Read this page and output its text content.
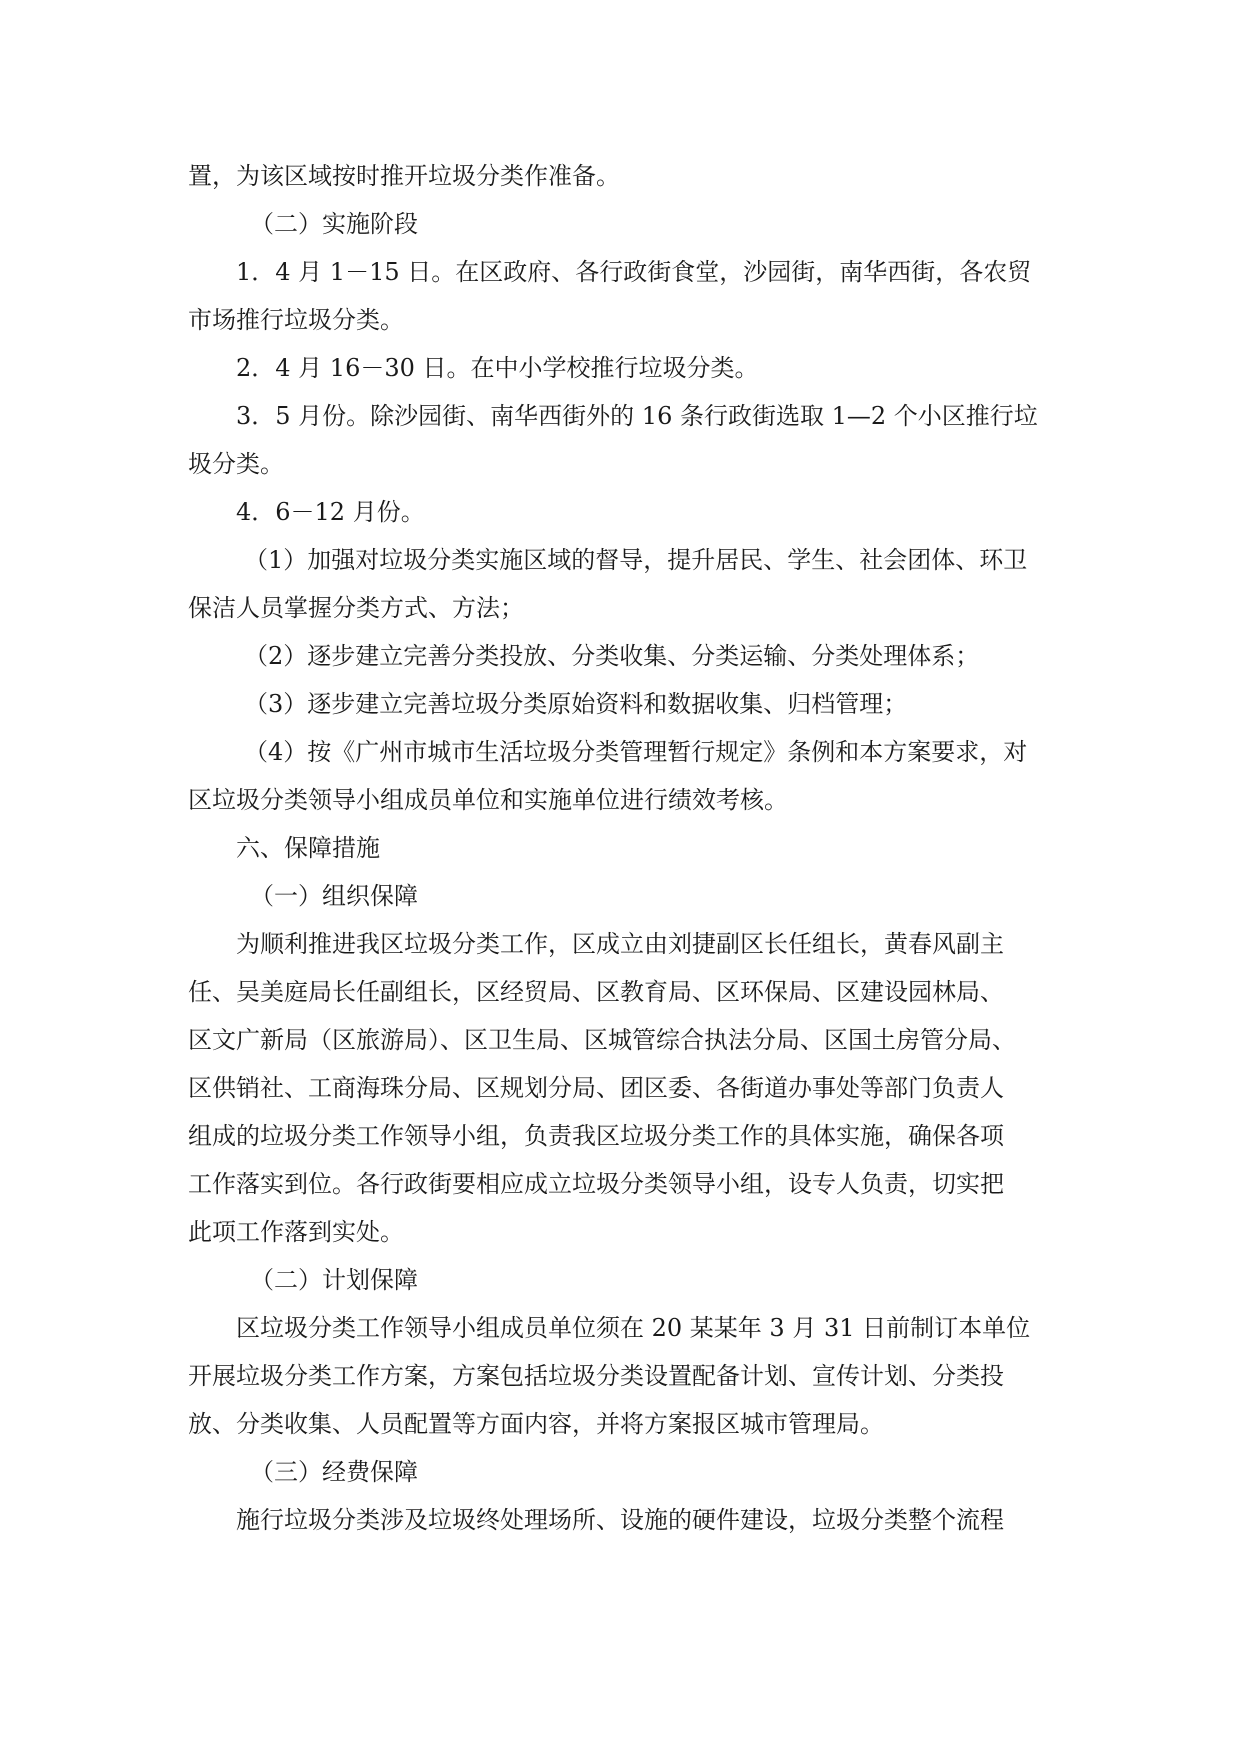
置，为该区域按时推开垃圾分类作准备。

（二）实施阶段

1．4 月 1－15 日。在区政府、各行政街食堂，沙园街，南华西街，各农贸

市场推行垃圾分类。

2．4 月 16－30 日。在中小学校推行垃圾分类。

3．5 月份。除沙园街、南华西街外的 16 条行政街选取 1—2 个小区推行垃

圾分类。

4．6－12 月份。

（1）加强对垃圾分类实施区域的督导，提升居民、学生、社会团体、环卫

保洁人员掌握分类方式、方法；

（2）逐步建立完善分类投放、分类收集、分类运输、分类处理体系；

（3）逐步建立完善垃圾分类原始资料和数据收集、归档管理；

（4）按《广州市城市生活垃圾分类管理暂行规定》条例和本方案要求，对

区垃圾分类领导小组成员单位和实施单位进行绩效考核。

六、保障措施

（一）组织保障

为顺利推进我区垃圾分类工作，区成立由刘捷副区长任组长，黄春风副主

任、吴美庭局长任副组长，区经贸局、区教育局、区环保局、区建设园林局、

区文广新局（区旅游局）、区卫生局、区城管综合执法分局、区国土房管分局、

区供销社、工商海珠分局、区规划分局、团区委、各街道办事处等部门负责人

组成的垃圾分类工作领导小组，负责我区垃圾分类工作的具体实施，确保各项

工作落实到位。各行政街要相应成立垃圾分类领导小组，设专人负责，切实把

此项工作落到实处。

（二）计划保障

区垃圾分类工作领导小组成员单位须在 20 某某年 3 月 31 日前制订本单位

开展垃圾分类工作方案，方案包括垃圾分类设置配备计划、宣传计划、分类投

放、分类收集、人员配置等方面内容，并将方案报区城市管理局。

（三）经费保障

施行垃圾分类涉及垃圾终处理场所、设施的硬件建设，垃圾分类整个流程
